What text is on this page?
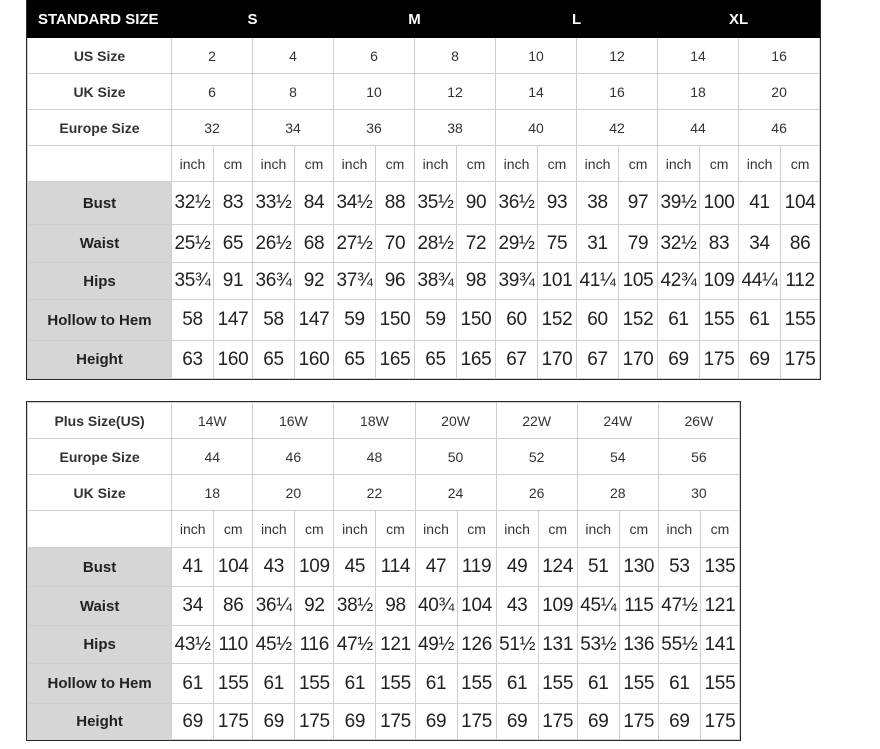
STANDARD SIZE	S				M				L				XL			
US Size	2		4		6		8		10		12		14		16	
UK Size	6		8		10		12		14		16		18		20	
Europe Size	32		34		36		38		40		42		44		46	
	inch	cm	inch	cm	inch	cm	inch	cm	inch	cm	inch	cm	inch	cm	inch	cm
Bust	32½	83	33½	84	34½	88	35½	90	36½	93	38	97	39½	100	41	104
Waist	25½	65	26½	68	27½	70	28½	72	29½	75	31	79	32½	83	34	86
Hips	35¾	91	36¾	92	37¾	96	38¾	98	39¾	101	41¼	105	42¾	109	44¼	112
Hollow to Hem	58	147	58	147	59	150	59	150	60	152	60	152	61	155	61	155
Height	63	160	65	160	65	165	65	165	67	170	67	170	69	175	69	175
Plus Size(US)	14W		16W		18W		20W		22W		24W		26W	
Europe Size	44		46		48		50		52		54		56	
UK Size	18		20		22		24		26		28		30	
	inch	cm	inch	cm	inch	cm	inch	cm	inch	cm	inch	cm	inch	cm
Bust	41	104	43	109	45	114	47	119	49	124	51	130	53	135
Waist	34	86	36¼	92	38½	98	40¾	104	43	109	45¼	115	47½	121
Hips	43½	110	45½	116	47½	121	49½	126	51½	131	53½	136	55½	141
Hollow to Hem	61	155	61	155	61	155	61	155	61	155	61	155	61	155
Height	69	175	69	175	69	175	69	175	69	175	69	175	69	175
